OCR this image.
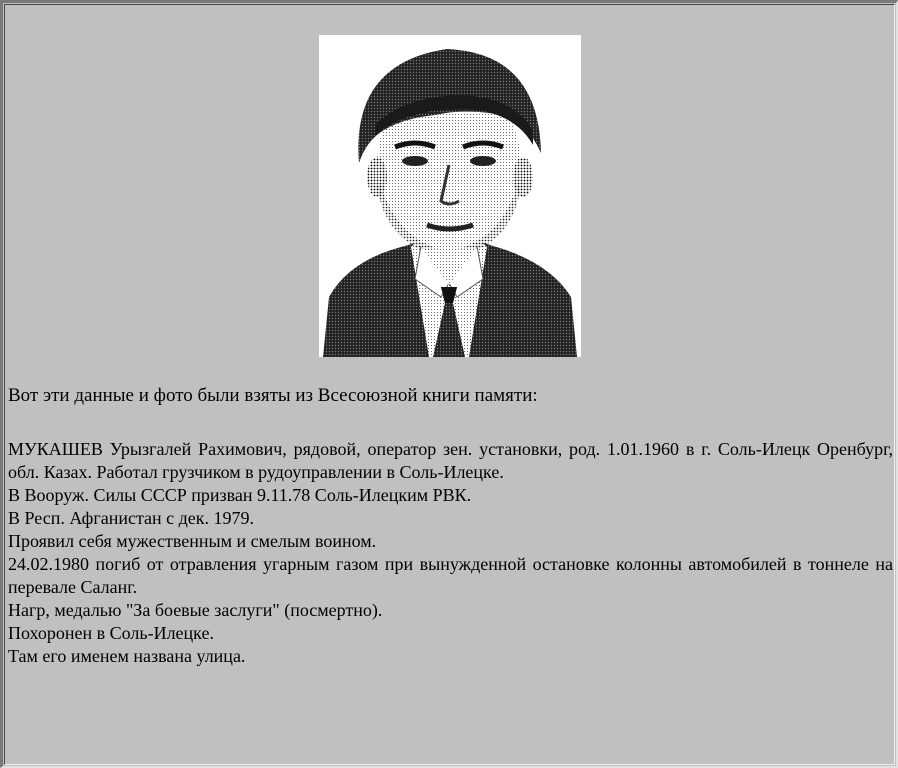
Вот эти данные и фото были взяты из Всесоюзной книги памяти:
МУКАШЕВ Урызгалей Рахимович, рядовой, оператор зен. установки, род. 1.01.1960 в г. Соль-Илецк Оренбург, обл. Казах. Работал грузчиком в рудоуправлении в Соль-Илецке.
В Вооруж. Силы СССР призван 9.11.78 Соль-Илецким РВК.
В Респ. Афганистан с дек. 1979.
Проявил себя мужественным и смелым воином.
24.02.1980 погиб от отравления угарным газом при вынужденной остановке колонны автомобилей в тоннеле на перевале Саланг.
Нагр, медалью "За боевые заслуги" (посмертно).
Похоронен в Соль-Илецке.
Там его именем названа улица.
